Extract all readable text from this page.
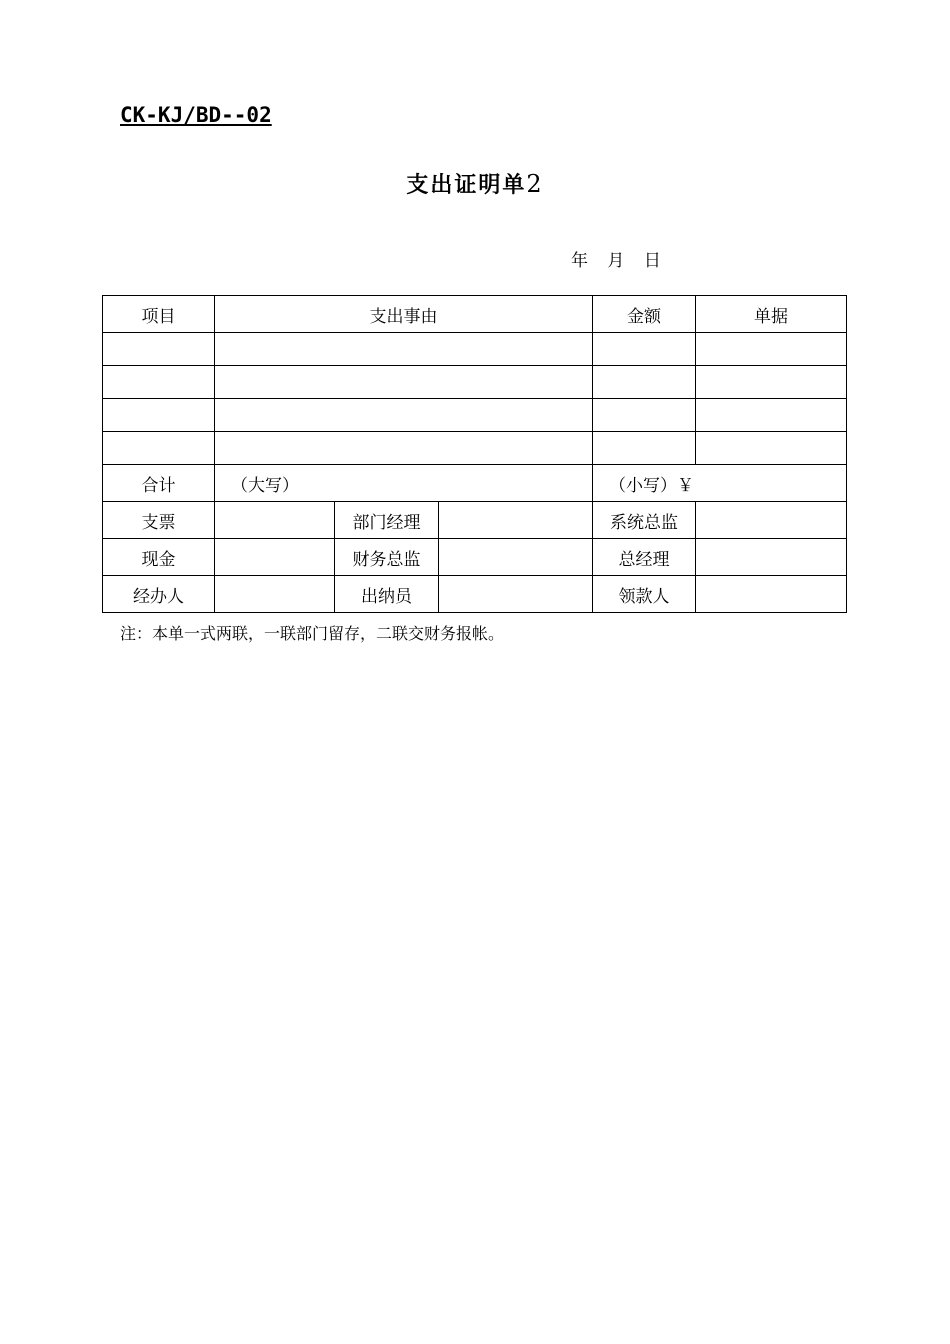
CK-KJ/BD--02
支出证明单2
年 月 日
项目	支出事由			金额	单据

合计	（大写）			（小写）￥	
支票		部门经理		系统总监	
现金		财务总监		总经理	
经办人		出纳员		领款人	
注：本单一式两联，一联部门留存，二联交财务报帐。
